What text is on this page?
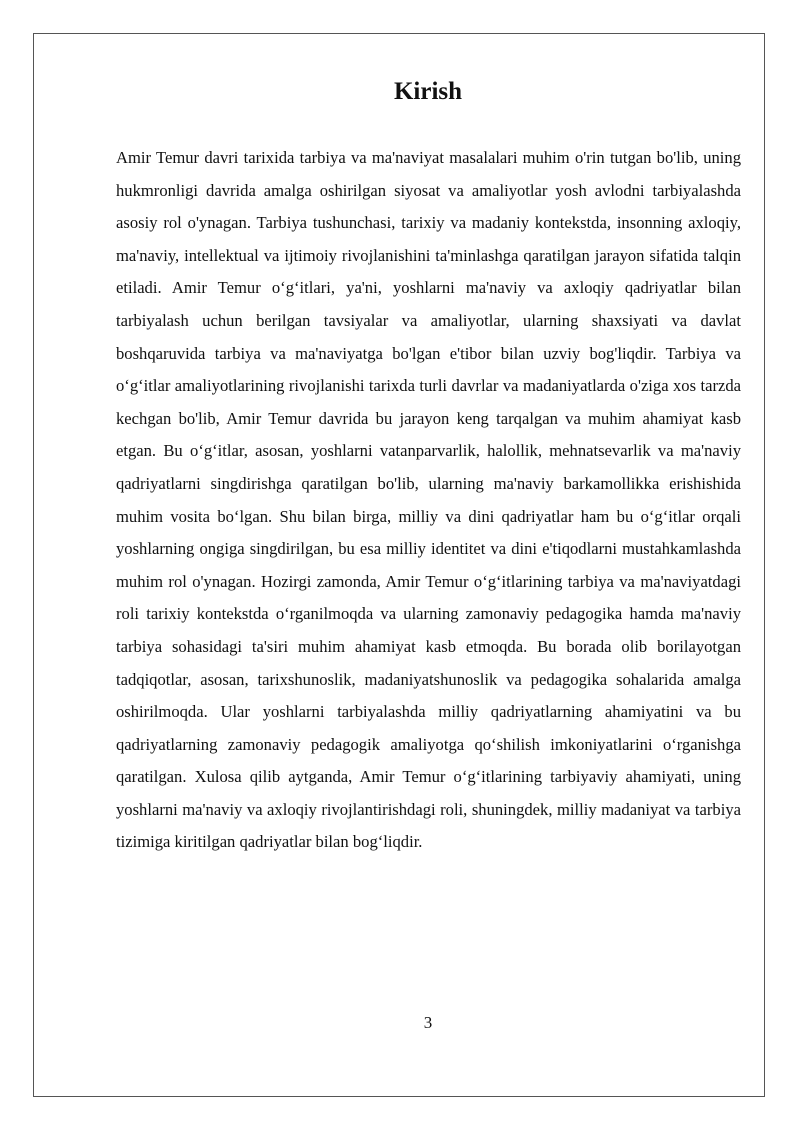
Kirish

Amir Temur davri tarixida tarbiya va ma'naviyat masalalari muhim o'rin tutgan bo'lib, uning hukmronligi davrida amalga oshirilgan siyosat va amaliyotlar yosh avlodni tarbiyalashda asosiy rol o'ynagan. Tarbiya tushunchasi, tarixiy va madaniy kontekstda, insonning axloqiy, ma'naviy, intellektual va ijtimoiy rivojlanishini ta'minlashga qaratilgan jarayon sifatida talqin etiladi. Amir Temur o‘g‘itlari, ya'ni, yoshlarni ma'naviy va axloqiy qadriyatlar bilan tarbiyalash uchun berilgan tavsiyalar va amaliyotlar, ularning shaxsiyati va davlat boshqaruvida tarbiya va ma'naviyatga bo'lgan e'tibor bilan uzviy bog'liqdir. Tarbiya va o‘g‘itlar amaliyotlarining rivojlanishi tarixda turli davrlar va madaniyatlarda o'ziga xos tarzda kechgan bo'lib, Amir Temur davrida bu jarayon keng tarqalgan va muhim ahamiyat kasb etgan. Bu o‘g‘itlar, asosan, yoshlarni vatanparvarlik, halollik, mehnatsevarlik va ma'naviy qadriyatlarni singdirishga qaratilgan bo'lib, ularning ma'naviy barkamollikka erishishida muhim vosita bo‘lgan. Shu bilan birga, milliy va dini qadriyatlar ham bu o‘g‘itlar orqali yoshlarning ongiga singdirilgan, bu esa milliy identitet va dini e'tiqodlarni mustahkamlashda muhim rol o'ynagan. Hozirgi zamonda, Amir Temur o‘g‘itlarining tarbiya va ma'naviyatdagi roli tarixiy kontekstda o‘rganilmoqda va ularning zamonaviy pedagogika hamda ma'naviy tarbiya sohasidagi ta'siri muhim ahamiyat kasb etmoqda. Bu borada olib borilayotgan tadqiqotlar, asosan, tarixshunoslik, madaniyatshunoslik va pedagogika sohalarida amalga oshirilmoqda. Ular yoshlarni tarbiyalashda milliy qadriyatlarning ahamiyatini va bu qadriyatlarning zamonaviy pedagogik amaliyotga qo‘shilish imkoniyatlarini o‘rganishga qaratilgan. Xulosa qilib aytganda, Amir Temur o‘g‘itlarining tarbiyaviy ahamiyati, uning yoshlarni ma'naviy va axloqiy rivojlantirishdagi roli, shuningdek, milliy madaniyat va tarbiya tizimiga kiritilgan qadriyatlar bilan bog‘liqdir.

3
